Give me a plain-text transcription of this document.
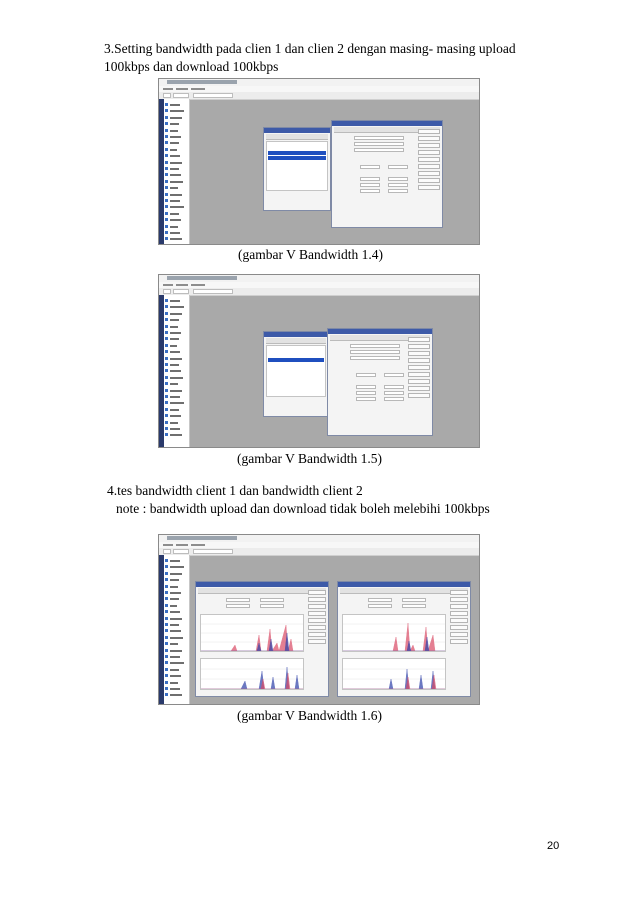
3.Setting bandwidth pada clien 1 dan clien 2 dengan masing- masing upload
100kbps dan download 100kbps
(gambar V Bandwidth 1.4)
(gambar V Bandwidth 1.5)
4.tes bandwidth client 1 dan bandwidth client 2
note : bandwidth upload dan download tidak boleh melebihi 100kbps
(gambar V Bandwidth 1.6)
20
